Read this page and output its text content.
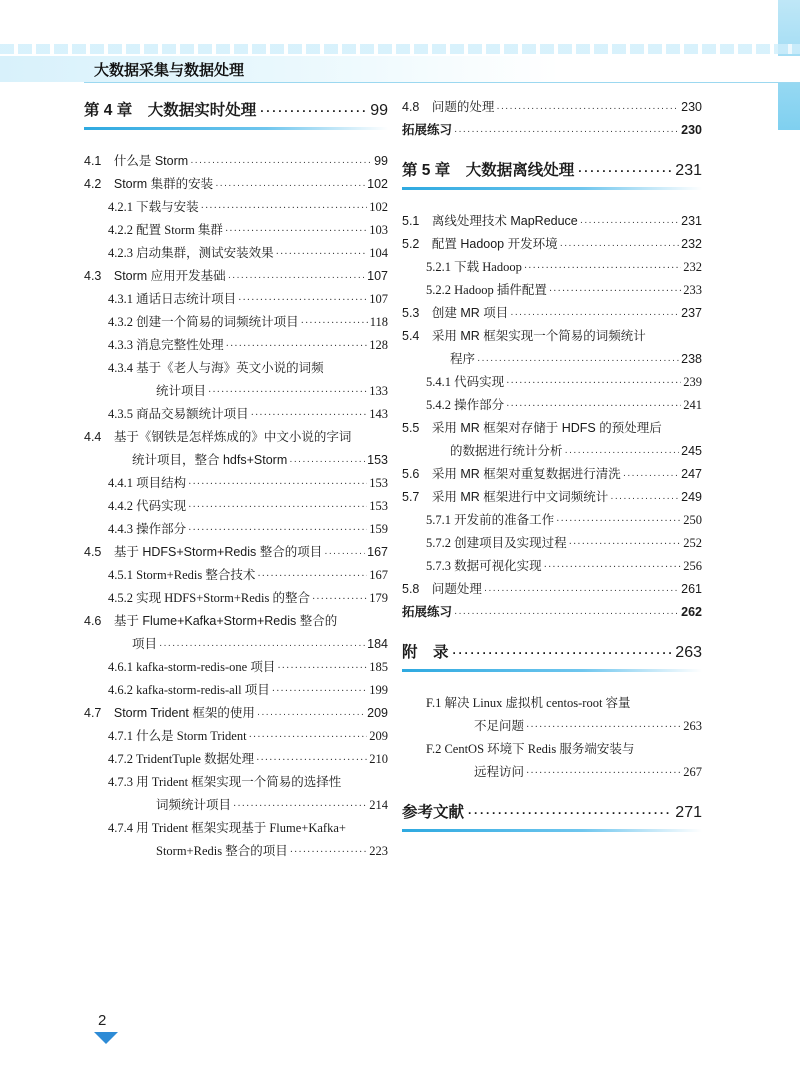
大数据采集与数据处理
第 4 章　大数据实时处理 ·····	99
4.1　什么是 Storm ·····	99
4.2　Storm 集群的安装 ·····	102
4.2.1 下载与安装 ·····	102
4.2.2 配置 Storm 集群 ·····	103
4.2.3 启动集群，测试安装效果 ·····	104
4.3　Storm 应用开发基础 ·····	107
4.3.1 通话日志统计项目 ·····	107
4.3.2 创建一个简易的词频统计项目 ·····	118
4.3.3 消息完整性处理 ·····	128
4.3.4 基于《老人与海》英文小说的词频
统计项目 ·····	133
4.3.5 商品交易额统计项目 ·····	143
4.4　基于《钢铁是怎样炼成的》中文小说的字词
统计项目，整合 hdfs+Storm ·····	153
4.4.1 项目结构 ·····	153
4.4.2 代码实现 ·····	153
4.4.3 操作部分 ·····	159
4.5　基于 HDFS+Storm+Redis 整合的项目 ·····	167
4.5.1 Storm+Redis 整合技术 ·····	167
4.5.2 实现 HDFS+Storm+Redis 的整合 ·····	179
4.6　基于 Flume+Kafka+Storm+Redis 整合的
项目 ·····	184
4.6.1 kafka-storm-redis-one 项目 ·····	185
4.6.2 kafka-storm-redis-all 项目 ·····	199
4.7　Storm Trident 框架的使用 ·····	209
4.7.1 什么是 Storm Trident ·····	209
4.7.2 TridentTuple 数据处理 ·····	210
4.7.3 用 Trident 框架实现一个简易的选择性
词频统计项目 ·····	214
4.7.4 用 Trident 框架实现基于 Flume+Kafka+
Storm+Redis 整合的项目 ·····	223
4.8　问题的处理 ·····	230
拓展练习 ·····	230
第 5 章　大数据离线处理 ·····	231
5.1　离线处理技术 MapReduce ·····	231
5.2　配置 Hadoop 开发环境 ·····	232
5.2.1 下载 Hadoop ·····	232
5.2.2 Hadoop 插件配置 ·····	233
5.3　创建 MR 项目 ·····	237
5.4　采用 MR 框架实现一个简易的词频统计
程序 ·····	238
5.4.1 代码实现 ·····	239
5.4.2 操作部分 ·····	241
5.5　采用 MR 框架对存储于 HDFS 的预处理后
的数据进行统计分析 ·····	245
5.6　采用 MR 框架对重复数据进行清洗 ·····	247
5.7　采用 MR 框架进行中文词频统计 ·····	249
5.7.1 开发前的准备工作 ·····	250
5.7.2 创建项目及实现过程 ·····	252
5.7.3 数据可视化实现 ·····	256
5.8　问题处理 ·····	261
拓展练习 ·····	262
附　录 ·····	263
F.1 解决 Linux 虚拟机 centos-root 容量
不足问题 ·····	263
F.2 CentOS 环境下 Redis 服务端安装与
远程访问 ·····	267
参考文献 ·····	271
2
